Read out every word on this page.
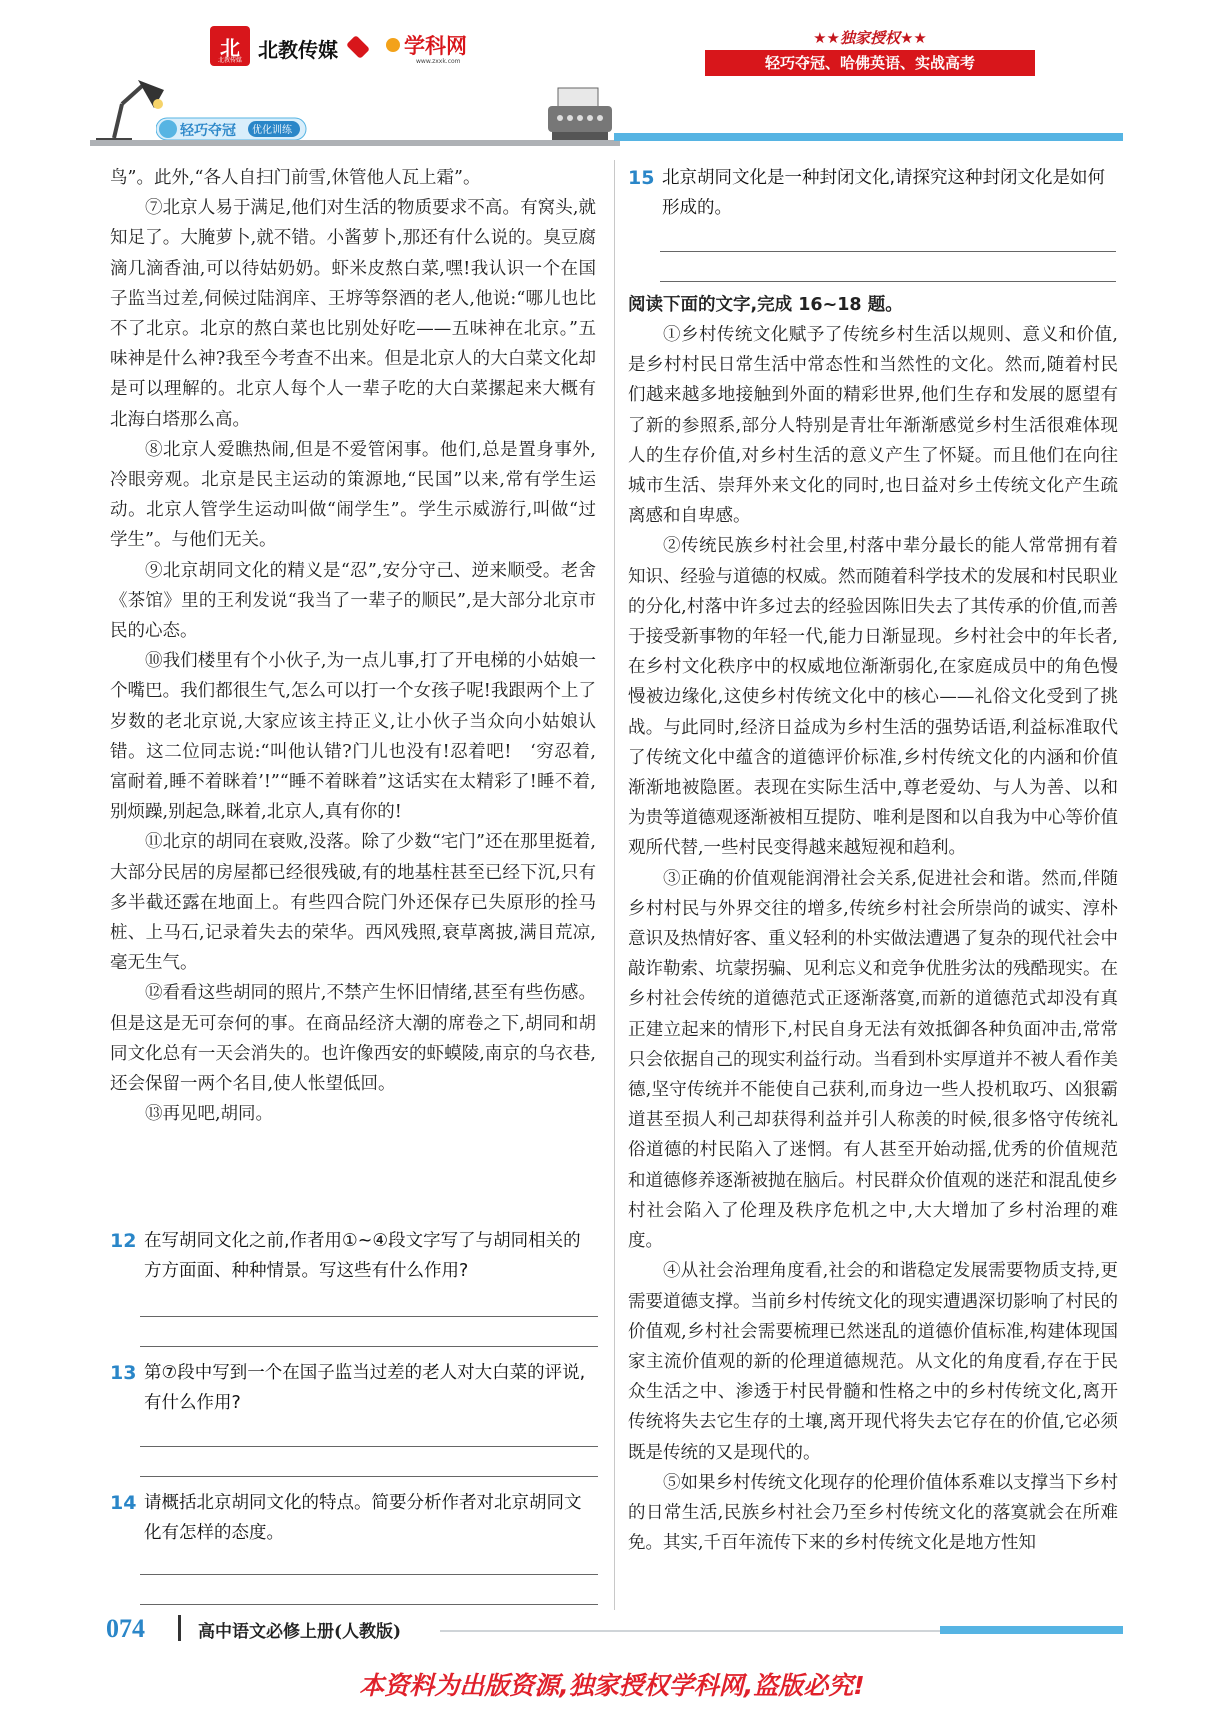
北
北教传媒 北教传媒	学科网
www.zxxk.com
★★独家授权★★
轻巧夺冠、哈佛英语、实战高考
轻巧夺冠 优化训练

鸟”。此外,“各人自扫门前雪,休管他人瓦上霜”。

⑦北京人易于满足,他们对生活的物质要求不高。有窝头,就知足了。大腌萝卜,就不错。小酱萝卜,那还有什么说的。臭豆腐滴几滴香油,可以待姑奶奶。虾米皮熬白菜,嘿!我认识一个在国子监当过差,伺候过陆润庠、王垿等祭酒的老人,他说:“哪儿也比不了北京。北京的熬白菜也比别处好吃——五味神在北京。”五味神是什么神?我至今考查不出来。但是北京人的大白菜文化却是可以理解的。北京人每个人一辈子吃的大白菜摞起来大概有北海白塔那么高。

⑧北京人爱瞧热闹,但是不爱管闲事。他们,总是置身事外,冷眼旁观。北京是民主运动的策源地,“民国”以来,常有学生运动。北京人管学生运动叫做“闹学生”。学生示威游行,叫做“过学生”。与他们无关。

⑨北京胡同文化的精义是“忍”,安分守己、逆来顺受。老舍《茶馆》里的王利发说“我当了一辈子的顺民”,是大部分北京市民的心态。

⑩我们楼里有个小伙子,为一点儿事,打了开电梯的小姑娘一个嘴巴。我们都很生气,怎么可以打一个女孩子呢!我跟两个上了岁数的老北京说,大家应该主持正义,让小伙子当众向小姑娘认错。这二位同志说:“叫他认错?门儿也没有!忍着吧!　‘穷忍着,富耐着,睡不着眯着’!”“睡不着眯着”这话实在太精彩了!睡不着,别烦躁,别起急,眯着,北京人,真有你的!

⑪北京的胡同在衰败,没落。除了少数“宅门”还在那里挺着,大部分民居的房屋都已经很残破,有的地基柱甚至已经下沉,只有多半截还露在地面上。有些四合院门外还保存已失原形的拴马桩、上马石,记录着失去的荣华。西风残照,衰草离披,满目荒凉,毫无生气。

⑫看看这些胡同的照片,不禁产生怀旧情绪,甚至有些伤感。但是这是无可奈何的事。在商品经济大潮的席卷之下,胡同和胡同文化总有一天会消失的。也许像西安的虾蟆陵,南京的乌衣巷,还会保留一两个名目,使人怅望低回。

⑬再见吧,胡同。

12 在写胡同文化之前,作者用①~④段文字写了与胡同相关的方方面面、种种情景。写这些有什么作用?
13 第⑦段中写到一个在国子监当过差的老人对大白菜的评说,有什么作用?
14 请概括北京胡同文化的特点。简要分析作者对北京胡同文化有怎样的态度。
15 北京胡同文化是一种封闭文化,请探究这种封闭文化是如何形成的。
阅读下面的文字,完成 16~18 题。

①乡村传统文化赋予了传统乡村生活以规则、意义和价值,是乡村村民日常生活中常态性和当然性的文化。然而,随着村民们越来越多地接触到外面的精彩世界,他们生存和发展的愿望有了新的参照系,部分人特别是青壮年渐渐感觉乡村生活很难体现人的生存价值,对乡村生活的意义产生了怀疑。而且他们在向往城市生活、崇拜外来文化的同时,也日益对乡土传统文化产生疏离感和自卑感。

②传统民族乡村社会里,村落中辈分最长的能人常常拥有着知识、经验与道德的权威。然而随着科学技术的发展和村民职业的分化,村落中许多过去的经验因陈旧失去了其传承的价值,而善于接受新事物的年轻一代,能力日渐显现。乡村社会中的年长者,在乡村文化秩序中的权威地位渐渐弱化,在家庭成员中的角色慢慢被边缘化,这使乡村传统文化中的核心——礼俗文化受到了挑战。与此同时,经济日益成为乡村生活的强势话语,利益标准取代了传统文化中蕴含的道德评价标准,乡村传统文化的内涵和价值渐渐地被隐匿。表现在实际生活中,尊老爱幼、与人为善、以和为贵等道德观逐渐被相互提防、唯利是图和以自我为中心等价值观所代替,一些村民变得越来越短视和趋利。

③正确的价值观能润滑社会关系,促进社会和谐。然而,伴随乡村村民与外界交往的增多,传统乡村社会所崇尚的诚实、淳朴意识及热情好客、重义轻利的朴实做法遭遇了复杂的现代社会中敲诈勒索、坑蒙拐骗、见利忘义和竞争优胜劣汰的残酷现实。在乡村社会传统的道德范式正逐渐落寞,而新的道德范式却没有真正建立起来的情形下,村民自身无法有效抵御各种负面冲击,常常只会依据自己的现实利益行动。当看到朴实厚道并不被人看作美德,坚守传统并不能使自己获利,而身边一些人投机取巧、凶狠霸道甚至损人利己却获得利益并引人称羡的时候,很多恪守传统礼俗道德的村民陷入了迷惘。有人甚至开始动摇,优秀的价值规范和道德修养逐渐被抛在脑后。村民群众价值观的迷茫和混乱使乡村社会陷入了伦理及秩序危机之中,大大增加了乡村治理的难度。

④从社会治理角度看,社会的和谐稳定发展需要物质支持,更需要道德支撑。当前乡村传统文化的现实遭遇深切影响了村民的价值观,乡村社会需要梳理已然迷乱的道德价值标准,构建体现国家主流价值观的新的伦理道德规范。从文化的角度看,存在于民众生活之中、渗透于村民骨髓和性格之中的乡村传统文化,离开传统将失去它生存的土壤,离开现代将失去它存在的价值,它必须既是传统的又是现代的。

⑤如果乡村传统文化现存的伦理价值体系难以支撑当下乡村的日常生活,民族乡村社会乃至乡村传统文化的落寞就会在所难免。其实,千百年流传下来的乡村传统文化是地方性知

074	高中语文必修上册(人教版)
本资料为出版资源,独家授权学科网,盗版必究!
